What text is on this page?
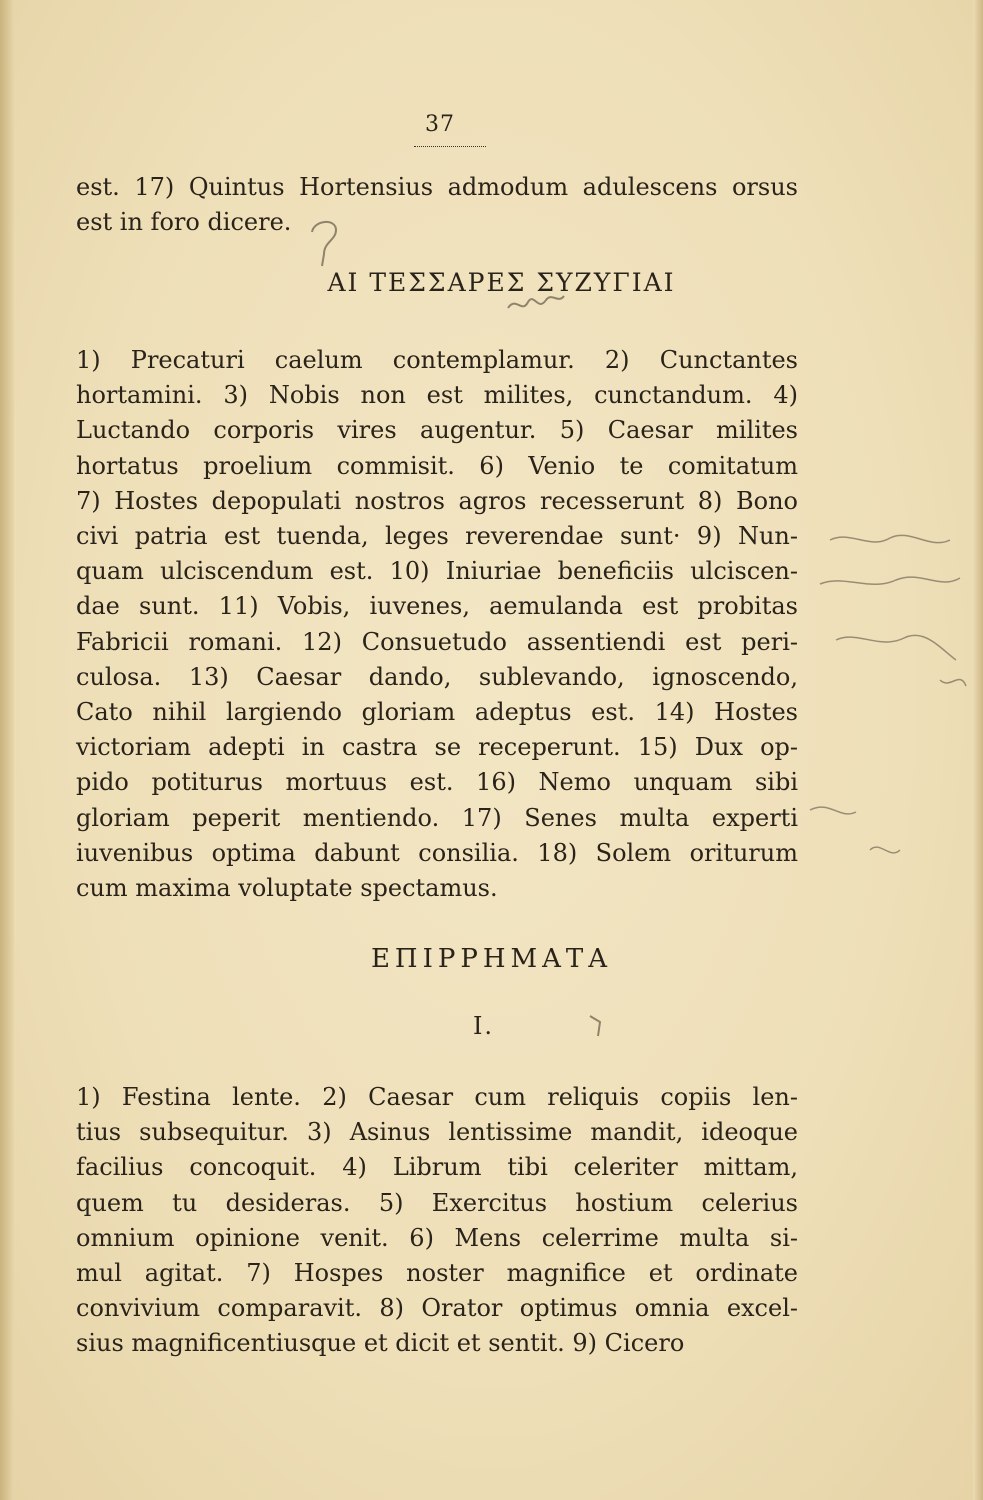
37
est. 17) Quintus Hortensius admodum adulescens orsus
est in foro dicere.
ΑΙ ΤΕΣΣΑΡΕΣ ΣΥΖΥΓΙΑΙ
1) Precaturi caelum contemplamur. 2) Cunctantes
hortamini. 3) Nobis non est milites, cunctandum. 4)
Luctando corporis vires augentur. 5) Caesar milites
hortatus proelium commisit. 6) Venio te comitatum
7) Hostes depopulati nostros agros recesserunt 8) Bono
civi patria est tuenda, leges reverendae sunt· 9) Nun-
quam ulciscendum est. 10) Iniuriae beneficiis ulciscen-
dae sunt. 11) Vobis, iuvenes, aemulanda est probitas
Fabricii romani. 12) Consuetudo assentiendi est peri-
culosa. 13) Caesar dando, sublevando, ignoscendo,
Cato nihil largiendo gloriam adeptus est. 14) Hostes
victoriam adepti in castra se receperunt. 15) Dux op-
pido potiturus mortuus est. 16) Nemo unquam sibi
gloriam peperit mentiendo. 17) Senes multa experti
iuvenibus optima dabunt consilia. 18) Solem oriturum
cum maxima voluptate spectamus.
ΕΠΙΡΡΗΜΑΤΑ
I.
1) Festina lente. 2) Caesar cum reliquis copiis len-
tius subsequitur. 3) Asinus lentissime mandit, ideoque
facilius concoquit. 4) Librum tibi celeriter mittam,
quem tu desideras. 5) Exercitus hostium celerius
omnium opinione venit. 6) Mens celerrime multa si-
mul agitat. 7) Hospes noster magnifice et ordinate
convivium comparavit. 8) Orator optimus omnia excel-
sius magnificentiusque et dicit et sentit. 9) Cicero
